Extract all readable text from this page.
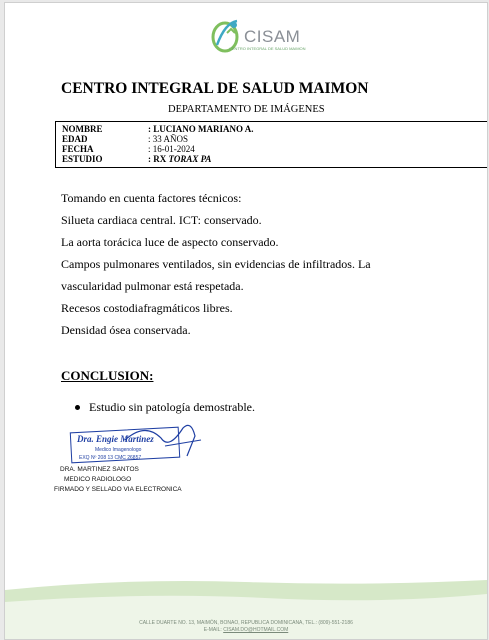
CISAM
CENTRO INTEGRAL DE SALUD MAIMON
CENTRO INTEGRAL DE SALUD MAIMON
DEPARTAMENTO DE IMÁGENES
NOMBRE	: LUCIANO MARIANO A.
EDAD	: 33 AÑOS
FECHA	: 16-01-2024
ESTUDIO	: RX TORAX PA
Tomando en cuenta factores técnicos:
Silueta cardiaca central. ICT: conservado.
La aorta torácica luce de aspecto conservado.
Campos pulmonares ventilados, sin evidencias de infiltrados. La
vascularidad pulmonar está respetada.
Recesos costodiafragmáticos libres.
Densidad ósea conservada.
CONCLUSION:
Estudio sin patología demostrable.
Dra. Engie Martinez
Medico Imagenologo
EXQ Nº 208 13 CMC 26857
DRA. MARTINEZ SANTOS
MEDICO RADIOLOGO
FIRMADO Y SELLADO VIA ELECTRONICA
CALLE DUARTE NO. 13, MAIMÓN, BONAO, REPUBLICA DOMINICANA, TEL.: (809)-551-2186
E-MAIL: CISAM.DO@HOTMAIL.COM
